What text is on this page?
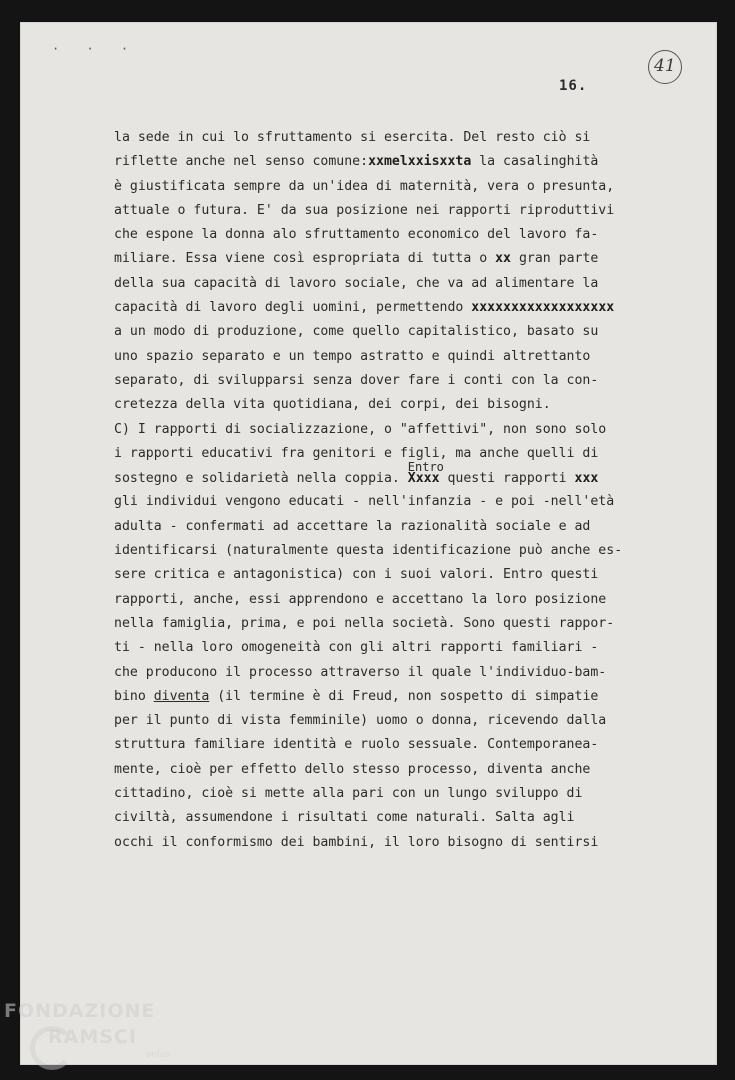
· · ·
16.
41
la sede in cui lo sfruttamento si esercita. Del resto ciò si
riflette anche nel senso comune:xxmelxxisxxta la casalinghità
è giustificata sempre da un'idea di maternità, vera o presunta,
attuale o futura. E' da sua posizione nei rapporti riproduttivi
che espone la donna alo sfruttamento economico del lavoro fa-
miliare. Essa viene così espropriata di tutta o xx gran parte
della sua capacità di lavoro sociale, che va ad alimentare la
capacità di lavoro degli uomini, permettendo xxxxxxxxxxxxxxxxxx
a un modo di produzione, come quello capitalistico, basato su
uno spazio separato e un tempo astratto e quindi altrettanto
separato, di svilupparsi senza dover fare i conti con la con-
cretezza della vita quotidiana, dei corpi, dei bisogni.
C) I rapporti di socializzazione, o "affettivi", non sono solo
i rapporti educativi fra genitori e figli, ma anche quelli di
sostegno e solidarietà nella coppia. EntroXxxx questi rapporti xxx
gli individui vengono educati - nell'infanzia - e poi -nell'età
adulta - confermati ad accettare la razionalità sociale e ad
identificarsi (naturalmente questa identificazione può anche es-
sere critica e antagonistica) con i suoi valori. Entro questi
rapporti, anche, essi apprendono e accettano la loro posizione
nella famiglia, prima, e poi nella società. Sono questi rappor-
ti - nella loro omogeneità con gli altri rapporti familiari -
che producono il processo attraverso il quale l'individuo-bam-
bino diventa (il termine è di Freud, non sospetto di simpatie
per il punto di vista femminile) uomo o donna, ricevendo dalla
struttura familiare identità e ruolo sessuale. Contemporanea-
mente, cioè per effetto dello stesso processo, diventa anche
cittadino, cioè si mette alla pari con un lungo sviluppo di
civiltà, assumendone i risultati come naturali. Salta agli
occhi il conformismo dei bambini, il loro bisogno di sentirsi
FONDAZIONE
RAMSCI
onlus
